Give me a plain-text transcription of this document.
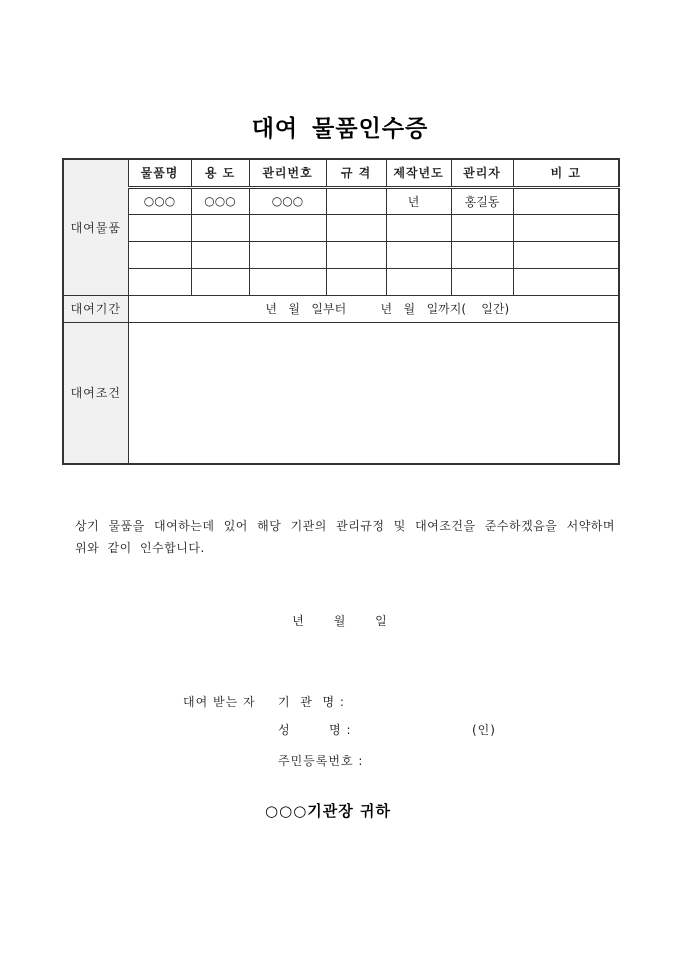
대여 물품인수증
대여물품	물품명	용 도	관리번호	규 격	제작년도	관리자	비 고
	○○○	○○○	○○○		년	홍길동	

대여기간	년   월   일부터         년   월   일까지(    일간)						
대여조건							
상기 물품을 대여하는데 있어 해당 기관의 관리규정 및 대여조건을 준수하겠음을 서약하며 위와 같이 인수합니다.
년      월      일
대여 받는 자 기  관  명 :
성        명 :	(인)
주민등록번호 :
○○○기관장 귀하
